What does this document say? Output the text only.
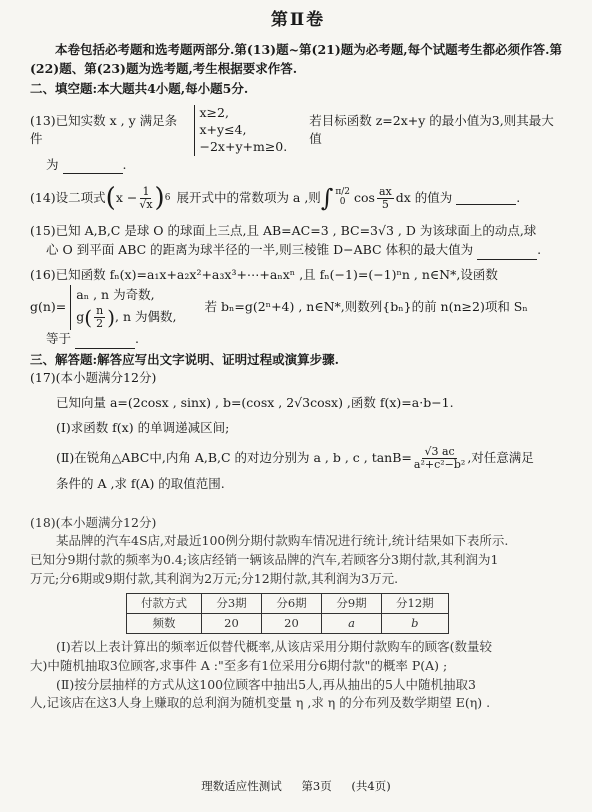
第Ⅱ卷
本卷包括必考题和选考题两部分.第(13)题~第(21)题为必考题,每个试题考生都必须作答.第(22)题、第(23)题为选考题,考生根据要求作答.
二、填空题:本大题共4小题,每小题5分.
(13)已知实数 x , y 满足条件
x≥2,
x+y≤4,
−2x+y+m≥0.
若目标函数 z=2x+y 的最小值为3,则其最大值
为	.
(14)设二项式 ( $x - \frac{1}{√x}$ ) 6 展开式中的常数项为 a ,则 ∫ π/2
0 $\cos \frac{ax}{5}$ dx 的值为	.
(15)已知 A,B,C 是球 O 的球面上三点,且 AB=AC=3 , BC=3√3 , D 为该球面上的动点,球
心 O 到平面 ABC 的距离为球半径的一半,则三棱锥 D−ABC 体积的最大值为	.
(16)已知函数 fₙ(x)=a₁x+a₂x²+a₃x³+⋯+aₙxⁿ ,且 fₙ(−1)=(−1)ⁿn , n∈N*,设函数
g(n)=
aₙ , n 为奇数,
$g( \frac{n}{2}$ ), n 为偶数,
若 bₙ=g(2ⁿ+4) , n∈N*,则数列{bₙ}的前 n(n≥2)项和 Sₙ
等于	.
三、解答题:解答应写出文字说明、证明过程或演算步骤.
(17)(本小题满分12分)
已知向量 a=(2cosx , sinx) , b=(cosx , 2√3cosx) ,函数 f(x)=a·b−1.
(Ⅰ)求函数 f(x) 的单调递减区间;
(Ⅱ)在锐角△ABC中,内角 A,B,C 的对边分别为 a , b , c , $\tan B= \frac{√3 ac}{\text{a²+c²−b²}}$ ,对任意满足
条件的 A ,求 f(A) 的取值范围.
(18)(本小题满分12分)
某品牌的汽车4S店,对最近100例分期付款购车情况进行统计,统计结果如下表所示.
已知分9期付款的频率为0.4;该店经销一辆该品牌的汽车,若顾客分3期付款,其利润为1
万元;分6期或9期付款,其利润为2万元;分12期付款,其利润为3万元.
付款方式	分3期	分6期	分9期	分12期
频数	20	20	a	b
(Ⅰ)若以上表计算出的频率近似替代概率,从该店采用分期付款购车的顾客(数量较
大)中随机抽取3位顾客,求事件 A :"至多有1位采用分6期付款"的概率 P(A) ;
(Ⅱ)按分层抽样的方式从这100位顾客中抽出5人,再从抽出的5人中随机抽取3
人,记该店在这3人身上赚取的总利润为随机变量 η ,求 η 的分布列及数学期望 E(η) .
理数适应性测试 第3页 (共4页)
